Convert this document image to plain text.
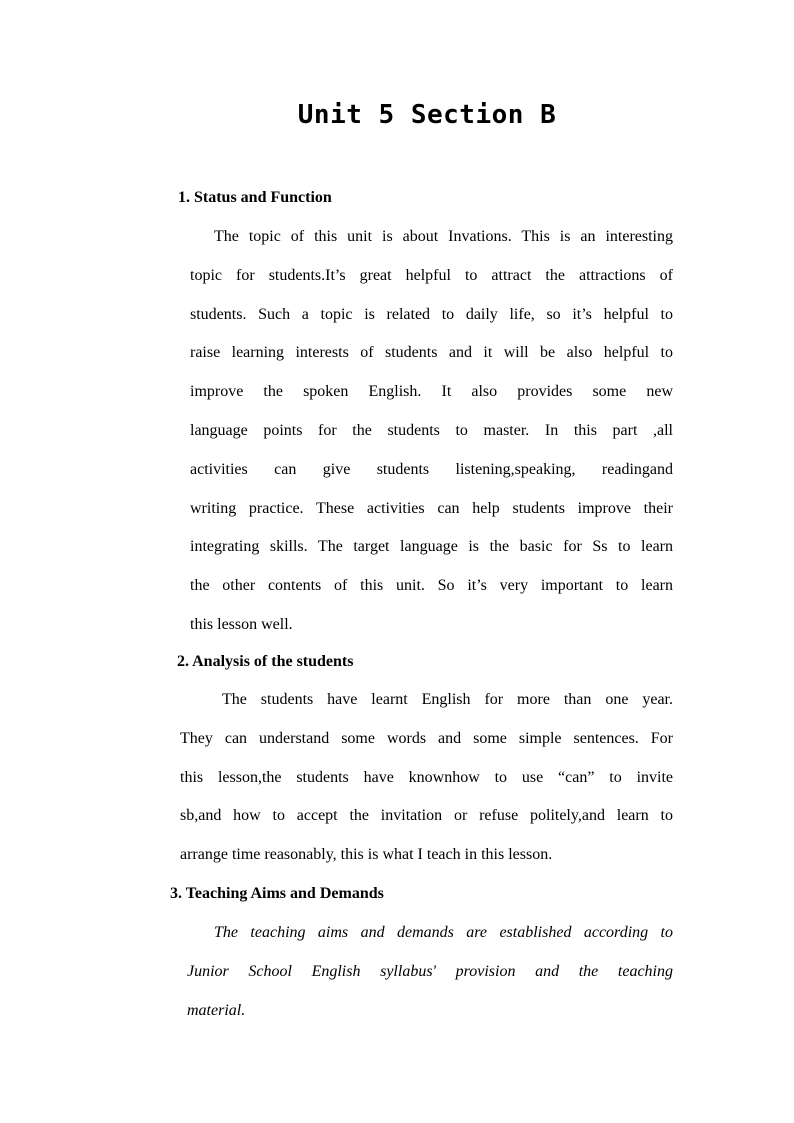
Unit 5 Section B
1. Status and Function
The topic of this unit is about Invations. This is an interesting
topic for students.It’s great helpful to attract the attractions of
students. Such a topic is related to daily life, so it’s helpful to
raise learning interests of students and it will be also helpful to
improve the spoken English. It also provides some new
language points for the students to master. In this part ,all
activities can give students listening,speaking, readingand
writing practice. These activities can help students improve their
integrating skills. The target language is the basic for Ss to learn
the other contents of this unit. So it’s very important to learn
this lesson well.
2. Analysis of the students
The students have learnt English for more than one year.
They can understand some words and some simple sentences. For
this lesson,the students have knownhow to use “can” to invite
sb,and how to accept the invitation or refuse politely,and learn to
arrange time reasonably, this is what I teach in this lesson.
3. Teaching Aims and Demands
The teaching aims and demands are established according to
Junior School English syllabus' provision and the teaching
material.
